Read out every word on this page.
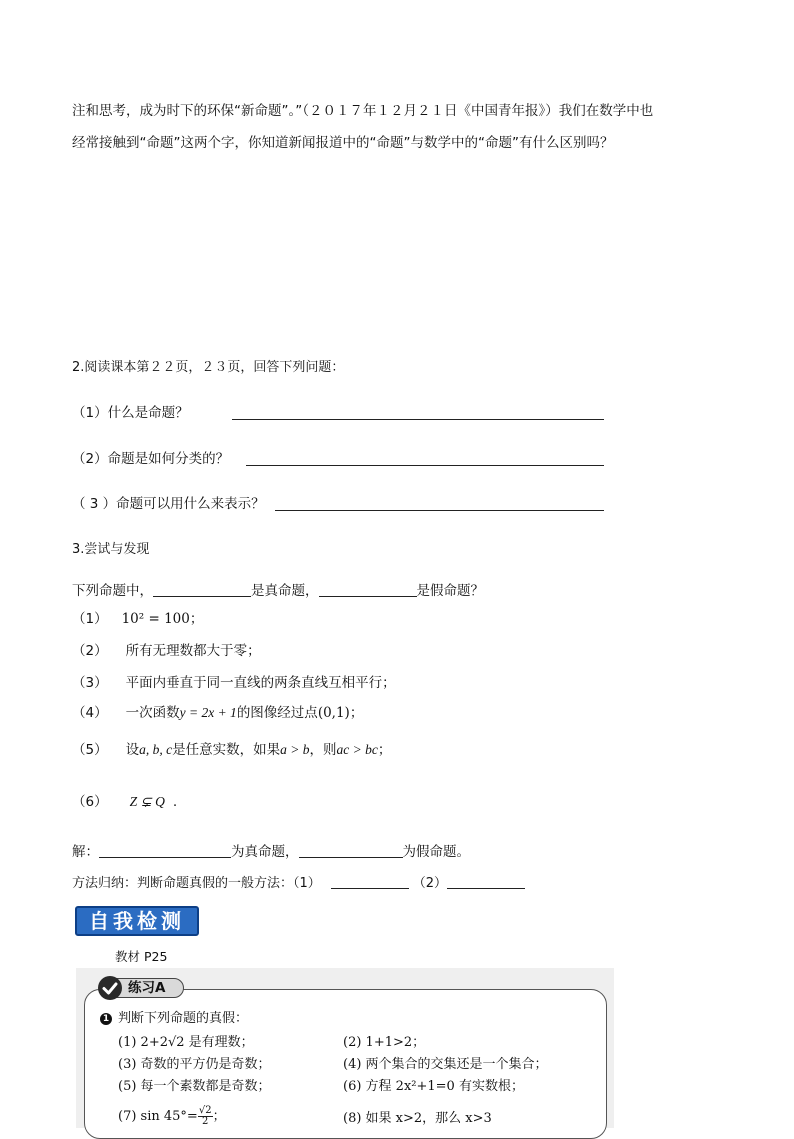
注和思考，成为时下的环保“新命题”。”（２０１７年１２月２１日《中国青年报》）我们在数学中也
经常接触到“命题”这两个字，你知道新闻报道中的“命题”与数学中的“命题”有什么区别吗？
2.阅读课本第２２页，２３页，回答下列问题：
（1）什么是命题？
（2）命题是如何分类的？
（ 3 ）命题可以用什么来表示？
3.尝试与发现
下列命题中，	是真命题，	是假命题？
（1） 10² = 100；
（2） 所有无理数都大于零；
（3） 平面内垂直于同一直线的两条直线互相平行；
（4） 一次函数y = 2x + 1的图像经过点(0,1)；
（5） 设a, b, c是任意实数，如果a > b，则ac > bc；
（6） Z ⊊ Q .
解：	为真命题，	为假命题。
方法归纳：判断命题真假的一般方法：（1）	（2）
自我检测
教材 P25
练习A
1 判断下列命题的真假：
(1) 2+2√2 是有理数；	(2) 1+1>2；
(3) 奇数的平方仍是奇数；	(4) 两个集合的交集还是一个集合；
(5) 每一个素数都是奇数；	(6) 方程 2x²+1=0 有实数根；
(7) $\sin 45^\circ= \frac{√2}{2}$ ；	(8) 如果 x>2，那么 x>3
